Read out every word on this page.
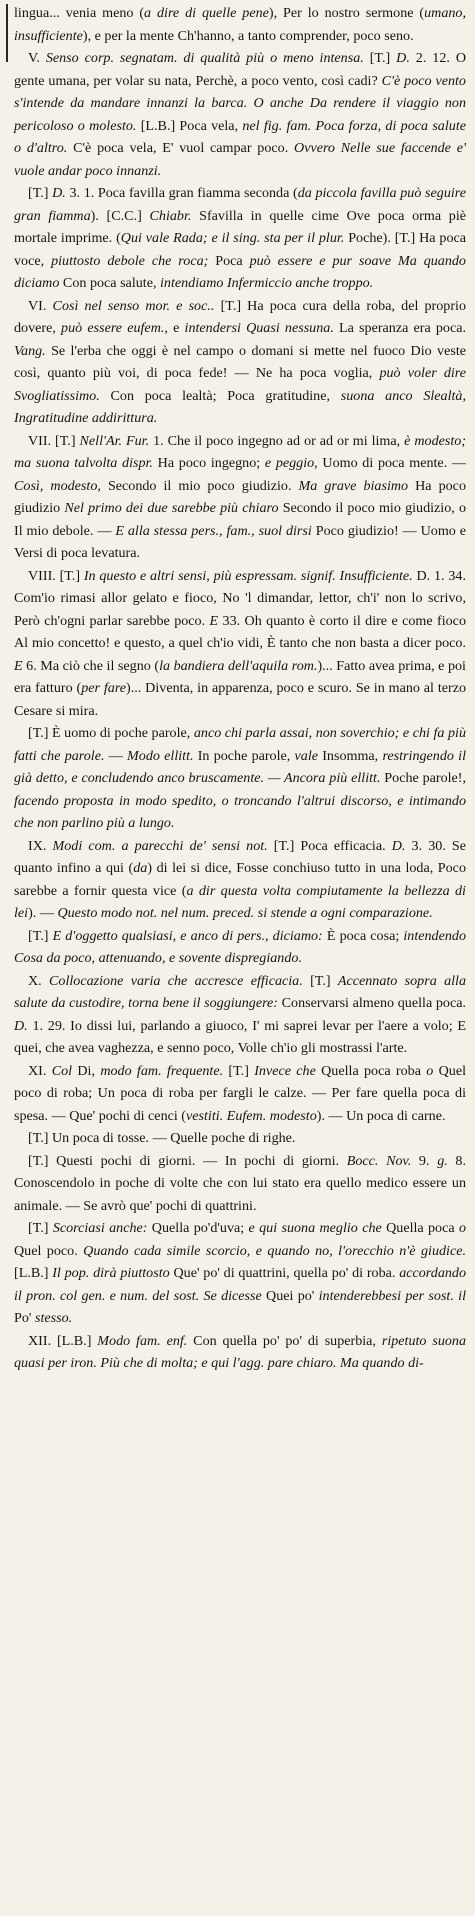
lingua... venia meno (a dire di quelle pene), Per lo nostro sermone (umano, insufficiente), e per la mente Ch'hanno, a tanto comprender, poco seno.

V. Senso corp. segnatam. di qualità più o meno intensa. [T.] D. 2. 12. O gente umana, per volar su nata, Perchè, a poco vento, così cadi? C'è poco vento s'intende da mandare innanzi la barca. O anche Da rendere il viaggio non pericoloso o molesto. [L.B.] Poca vela, nel fig. fam. Poca forza, di poca salute o d'altro. C'è poca vela, E' vuol campar poco. Ovvero Nelle sue faccende e' vuole andar poco innanzi.

[T.] D. 3. 1. Poca favilla gran fiamma seconda (da piccola favilla può seguire gran fiamma). [C.C.] Chiabr. Sfavilla in quelle cime Ove poca orma piè mortale imprime. (Qui vale Rada; e il sing. sta per il plur. Poche). [T.] Ha poca voce, piuttosto debole che roca; Poca può essere e pur soave Ma quando diciamo Con poca salute, intendiamo Infermiccio anche troppo.

VI. Così nel senso mor. e soc.. [T.] Ha poca cura della roba, del proprio dovere, può essere eufem., e intendersi Quasi nessuna. La speranza era poca. Vang. Se l'erba che oggi è nel campo o domani si mette nel fuoco Dio veste così, quanto più voi, di poca fede! — Ne ha poca voglia, può voler dire Svogliatissimo. Con poca lealtà; Poca gratitudine, suona anco Slealtà, Ingratitudine addirittura.

VII. [T.] Nell'Ar. Fur. 1. Che il poco ingegno ad or ad or mi lima, è modesto; ma suona talvolta dispr. Ha poco ingegno; e peggio, Uomo di poca mente. — Così, modesto, Secondo il mio poco giudizio. Ma grave biasimo Ha poco giudizio Nel primo dei due sarebbe più chiaro Secondo il poco mio giudizio, o Il mio debole. — E alla stessa pers., fam., suol dirsi Poco giudizio! — Uomo e Versi di poca levatura.

VIII. [T.] In questo e altri sensi, più espressam. signif. Insufficiente. D. 1. 34. Com'io rimasi allor gelato e fioco, No 'l dimandar, lettor, ch'i' non lo scrivo, Però ch'ogni parlar sarebbe poco. E 33. Oh quanto è corto il dire e come fioco Al mio concetto! e questo, a quel ch'io vidi, È tanto che non basta a dicer poco. E 6. Ma ciò che il segno (la bandiera dell'aquila rom.)... Fatto avea prima, e poi era fatturo (per fare)... Diventa, in apparenza, poco e scuro. Se in mano al terzo Cesare si mira.

[T.] È uomo di poche parole, anco chi parla assai, non soverchio; e chi fa più fatti che parole. — Modo ellitt. In poche parole, vale Insomma, restringendo il già detto, e concludendo anco bruscamente. — Ancora più ellitt. Poche parole!, facendo proposta in modo spedito, o troncando l'altrui discorso, e intimando che non parlino più a lungo.

IX. Modi com. a parecchi de' sensi not. [T.] Poca efficacia. D. 3. 30. Se quanto infino a qui (da) di lei si dice, Fosse conchiuso tutto in una loda, Poco sarebbe a fornir questa vice (a dir questa volta compiutamente la bellezza di lei). — Questo modo not. nel num. preced. si stende a ogni comparazione.

[T.] E d'oggetto qualsiasi, e anco di pers., diciamo: È poca cosa; intendendo Cosa da poco, attenuando, e sovente dispregiando.

X. Collocazione varia che accresce efficacia. [T.] Accennato sopra alla salute da custodire, torna bene il soggiungere: Conservarsi almeno quella poca. D. 1. 29. Io dissi lui, parlando a giuoco, I' mi saprei levar per l'aere a volo; E quei, che avea vaghezza, e senno poco, Volle ch'io gli mostrassi l'arte.

XI. Col Di, modo fam. frequente. [T.] Invece che Quella poca roba o Quel poco di roba; Un poca di roba per fargli le calze. — Per fare quella poca di spesa. — Que' pochi di cenci (vestiti. Eufem. modesto). — Un poca di carne.

[T.] Un poca di tosse. — Quelle poche di righe.

[T.] Questi pochi di giorni. — In pochi di giorni. Bocc. Nov. 9. g. 8. Conoscendolo in poche di volte che con lui stato era quello medico essere un animale. — Se avrò que' pochi di quattrini.

[T.] Scorciasi anche: Quella po'd'uva; e qui suona meglio che Quella poca o Quel poco. Quando cada simile scorcio, e quando no, l'orecchio n'è giudice. [L.B.] Il pop. dirà piuttosto Que' po' di quattrini, quella po' di roba. accordando il pron. col gen. e num. del sost. Se dicesse Quei po' intenderebbesi per sost. il Po' stesso.

XII. [L.B.] Modo fam. enf. Con quella po' po' di superbia, ripetuto suona quasi per iron. Più che di molta; e qui l'agg. pare chiaro. Ma quando di-
